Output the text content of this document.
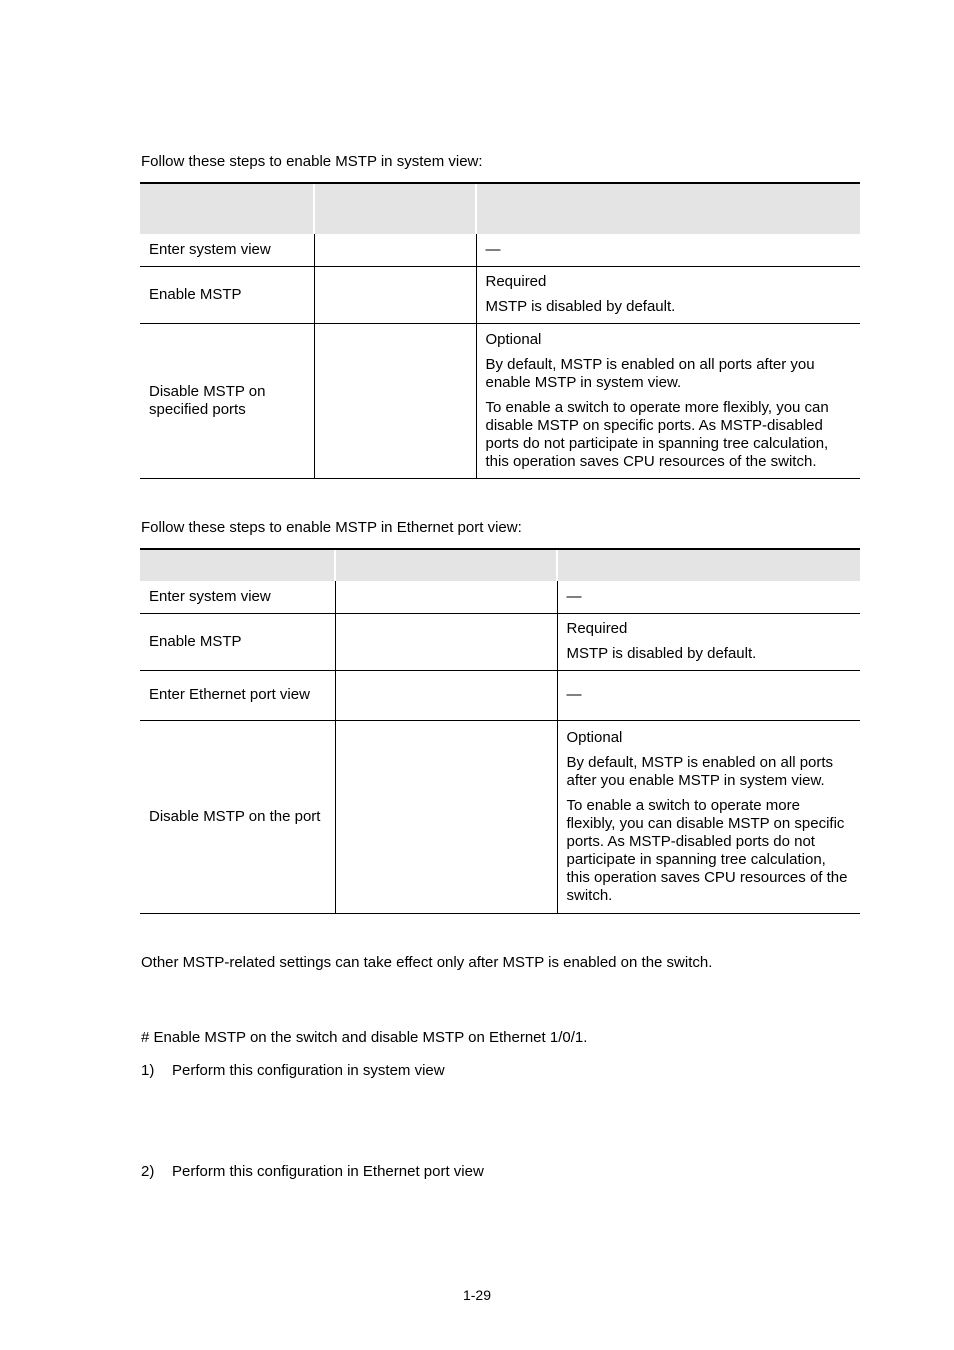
Follow these steps to enable MSTP in system view:

Enter system view		—

Enable MSTP		Required

MSTP is disabled by default.

Disable MSTP on specified ports		Optional

By default, MSTP is enabled on all ports after you enable MSTP in system view.

To enable a switch to operate more flexibly, you can disable MSTP on specific ports. As MSTP-disabled ports do not participate in spanning tree calculation, this operation saves CPU resources of the switch.

Follow these steps to enable MSTP in Ethernet port view:

Enter system view		—

Enable MSTP		Required

MSTP is disabled by default.

Enter Ethernet port view		—

Disable MSTP on the port		Optional

By default, MSTP is enabled on all ports after you enable MSTP in system view.

To enable a switch to operate more flexibly, you can disable MSTP on specific ports. As MSTP-disabled ports do not participate in spanning tree calculation, this operation saves CPU resources of the switch.

Other MSTP-related settings can take effect only after MSTP is enabled on the switch.
# Enable MSTP on the switch and disable MSTP on Ethernet 1/0/1.
1) Perform this configuration in system view
2) Perform this configuration in Ethernet port view
1-29
